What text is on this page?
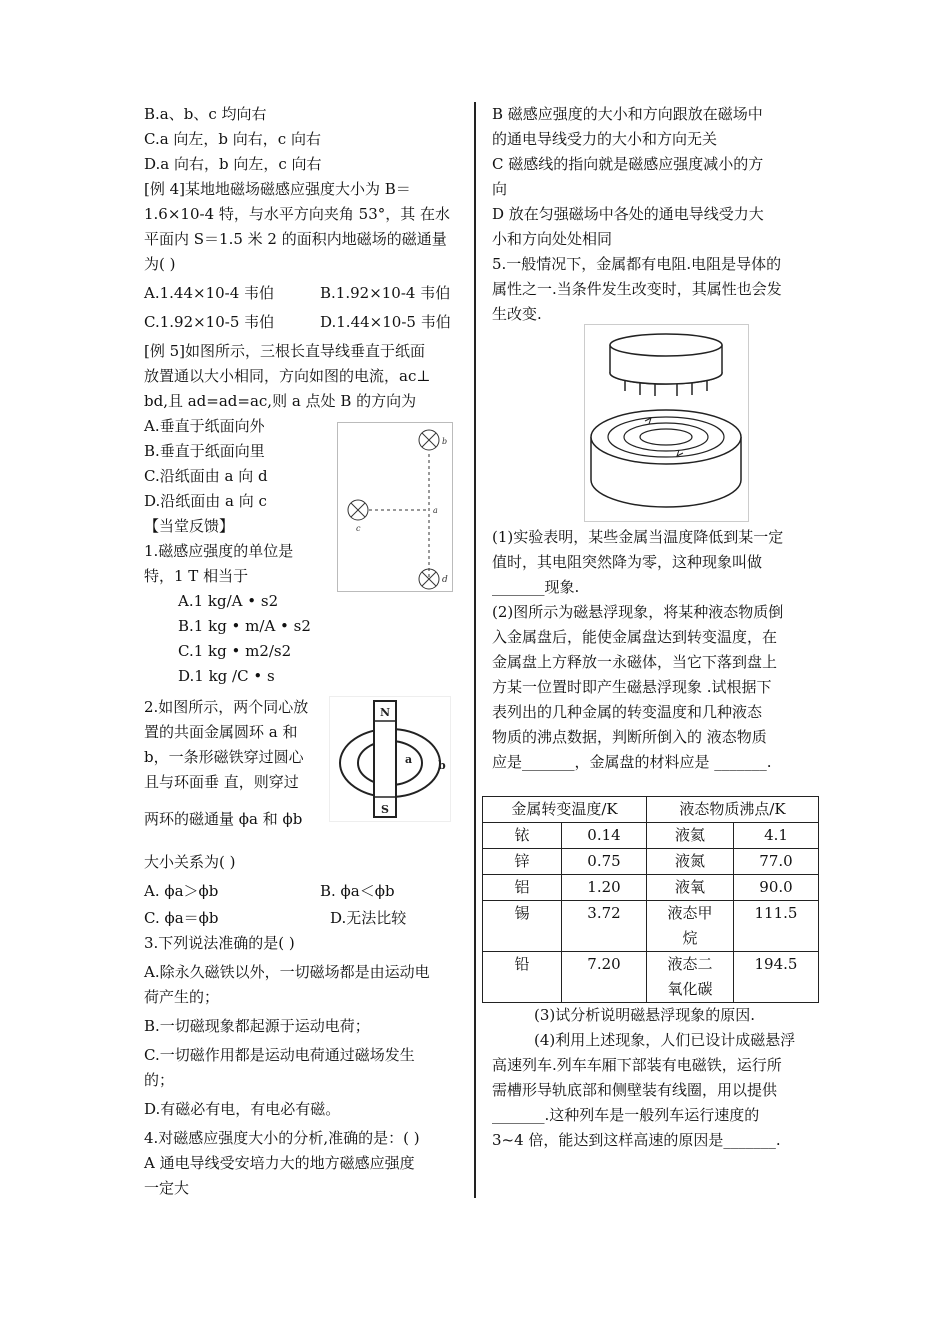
B.a、b、c 均向右
C.a 向左，b 向右，c 向右
D.a 向右，b 向左，c 向右
[例 4]某地地磁场磁感应强度大小为 B＝
1.6×10-4 特，与水平方向夹角 53°，其 在水
平面内 S＝1.5 米 2 的面积内地磁场的磁通量
为( )
A.1.44×10-4 韦伯	B.1.92×10-4 韦伯
C.1.92×10-5 韦伯	D.1.44×10-5 韦伯
[例 5]如图所示，三根长直导线垂直于纸面
放置通以大小相同，方向如图的电流，ac⊥
bd,且 ad=ad=ac,则 a 点处 B 的方向为
A.垂直于纸面向外
B.垂直于纸面向里
C.沿纸面由 a 向 d
D.沿纸面由 a 向 c
【当堂反馈】
1.磁感应强度的单位是
特，1 T 相当于
A.1 kg/A • s2
B.1 kg • m/A • s2
C.1 kg • m2/s2
D.1 kg /C • s
2.如图所示，两个同心放
置的共面金属圆环 a 和
b，一条形磁铁穿过圆心
且与环面垂 直，则穿过
两环的磁通量 ϕa 和 ϕb
大小关系为( )
A. ϕa＞ϕb	B. ϕa＜ϕb
C. ϕa＝ϕb	D.无法比较
3.下列说法准确的是( )
A.除永久磁铁以外，一切磁场都是由运动电
荷产生的；
B.一切磁现象都起源于运动电荷；
C.一切磁作用都是运动电荷通过磁场发生
的；
D.有磁必有电，有电必有磁。
4.对磁感应强度大小的分析,准确的是：( )
A 通电导线受安培力大的地方磁感应强度
一定大
b
a
c
d
N
S
a b
B 磁感应强度的大小和方向跟放在磁场中
的通电导线受力的大小和方向无关
C 磁感线的指向就是磁感应强度减小的方
向
D 放在匀强磁场中各处的通电导线受力大
小和方向处处相同
5.一般情况下，金属都有电阻.电阻是导体的
属性之一.当条件发生改变时，其属性也会发
生改变.
(1)实验表明，某些金属当温度降低到某一定
值时，其电阻突然降为零，这种现象叫做
_______现象.
(2)图所示为磁悬浮现象，将某种液态物质倒
入金属盘后，能使金属盘达到转变温度，在
金属盘上方释放一永磁体，当它下落到盘上
方某一位置时即产生磁悬浮现象 .试根据下
表列出的几种金属的转变温度和几种液态
物质的沸点数据，判断所倒入的 液态物质
应是_______，金属盘的材料应是 _______.
金属转变温度/K		液态物质沸点/K	
铱	0.14	液氦	4.1
锌	0.75	液氮	77.0
铝	1.20	液氧	90.0
锡	3.72	液态甲
烷	111.5
铅	7.20	液态二
氧化碳	194.5
(3)试分析说明磁悬浮现象的原因.
(4)利用上述现象，人们已设计成磁悬浮
高速列车.列车车厢下部装有电磁铁，运行所
需槽形导轨底部和侧壁装有线圈，用以提供
_______.这种列车是一般列车运行速度的
3~4 倍，能达到这样高速的原因是_______.
